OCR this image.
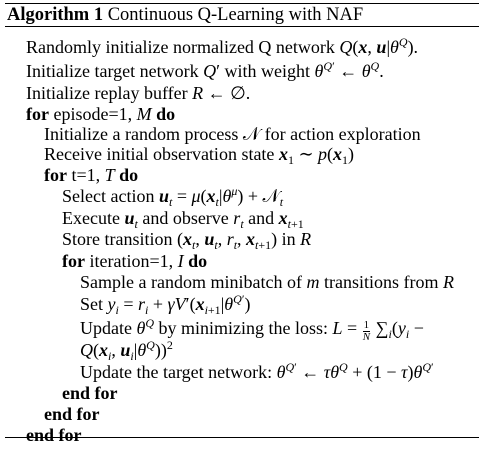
Algorithm 1 Continuous Q-Learning with NAF
Randomly initialize normalized Q network Q(x, $u|\theta^Q$).
Initialize target network Q′ with weight $\theta^{Q'}$ ← $\theta^Q$.
Initialize replay buffer R ← ∅.
for episode=1, M do
Initialize a random process 𝒩 for action exploration
Receive initial observation state $x_1$ ∼ $p(x_1)$
for t=1, T do
Select action $u_t = \mu(x_t|\theta^\mu)$ + 𝒩$_t$
Execute $u_t$ and observe $r_t$ and $x_{t+1}$
Store transition ($x_t$, $u_t$, $r_t$, $x_{t+1}$) in R
for iteration=1, I do
Sample a random minibatch of m transitions from R
Set $y_i = r_i + \gamma V'(x_{i+1}|\theta^{Q'})$
Update $\theta^Q$ by minimizing the loss: $L = \frac{1}{N} \sum_i(y_i$ −
$Q(x_i$, $u_i|\theta^Q))^2$
Update the target network: $\theta^{Q'}$ ← $\tau\theta^Q + (1 - \tau)\theta^{Q'}$
end for
end for
end for
